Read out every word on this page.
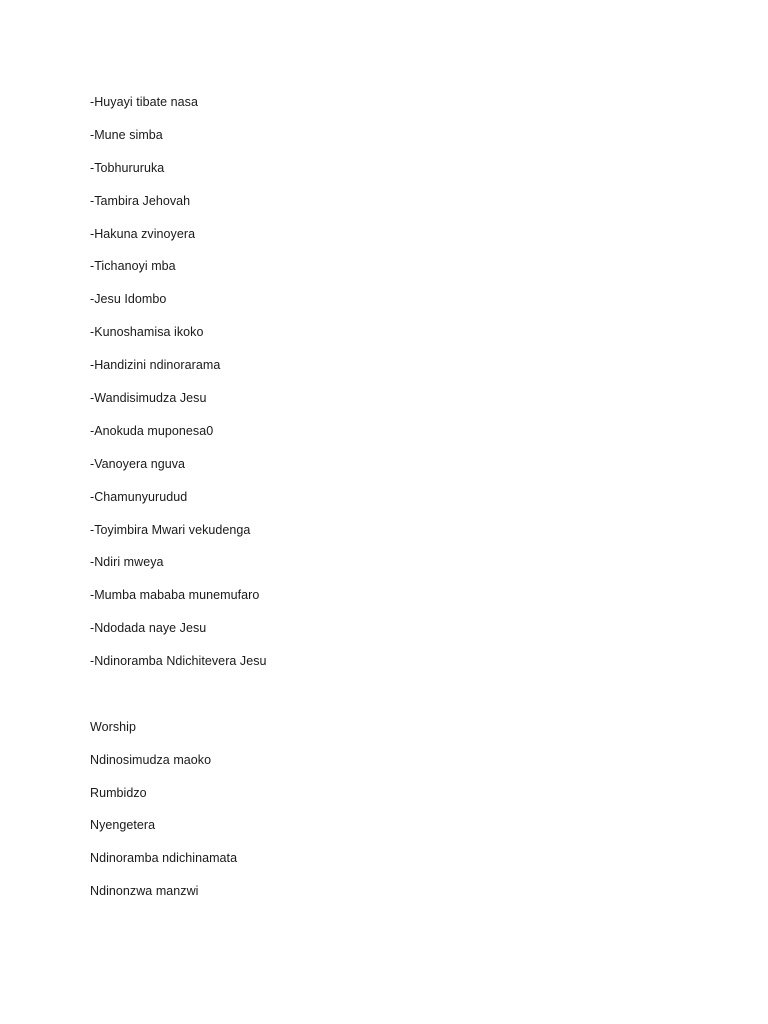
-Huyayi tibate nasa
-Mune simba
-Tobhururuka
-Tambira Jehovah
-Hakuna zvinoyera
-Tichanoyi mba
-Jesu Idombo
-Kunoshamisa ikoko
-Handizini ndinorarama
-Wandisimudza Jesu
-Anokuda muponesa0
-Vanoyera nguva
-Chamunyurudud
-Toyimbira Mwari vekudenga
-Ndiri mweya
-Mumba mababa munemufaro
-Ndodada naye Jesu
-Ndinoramba Ndichitevera Jesu
Worship
Ndinosimudza maoko
Rumbidzo
Nyengetera
Ndinoramba ndichinamata
Ndinonzwa manzwi
